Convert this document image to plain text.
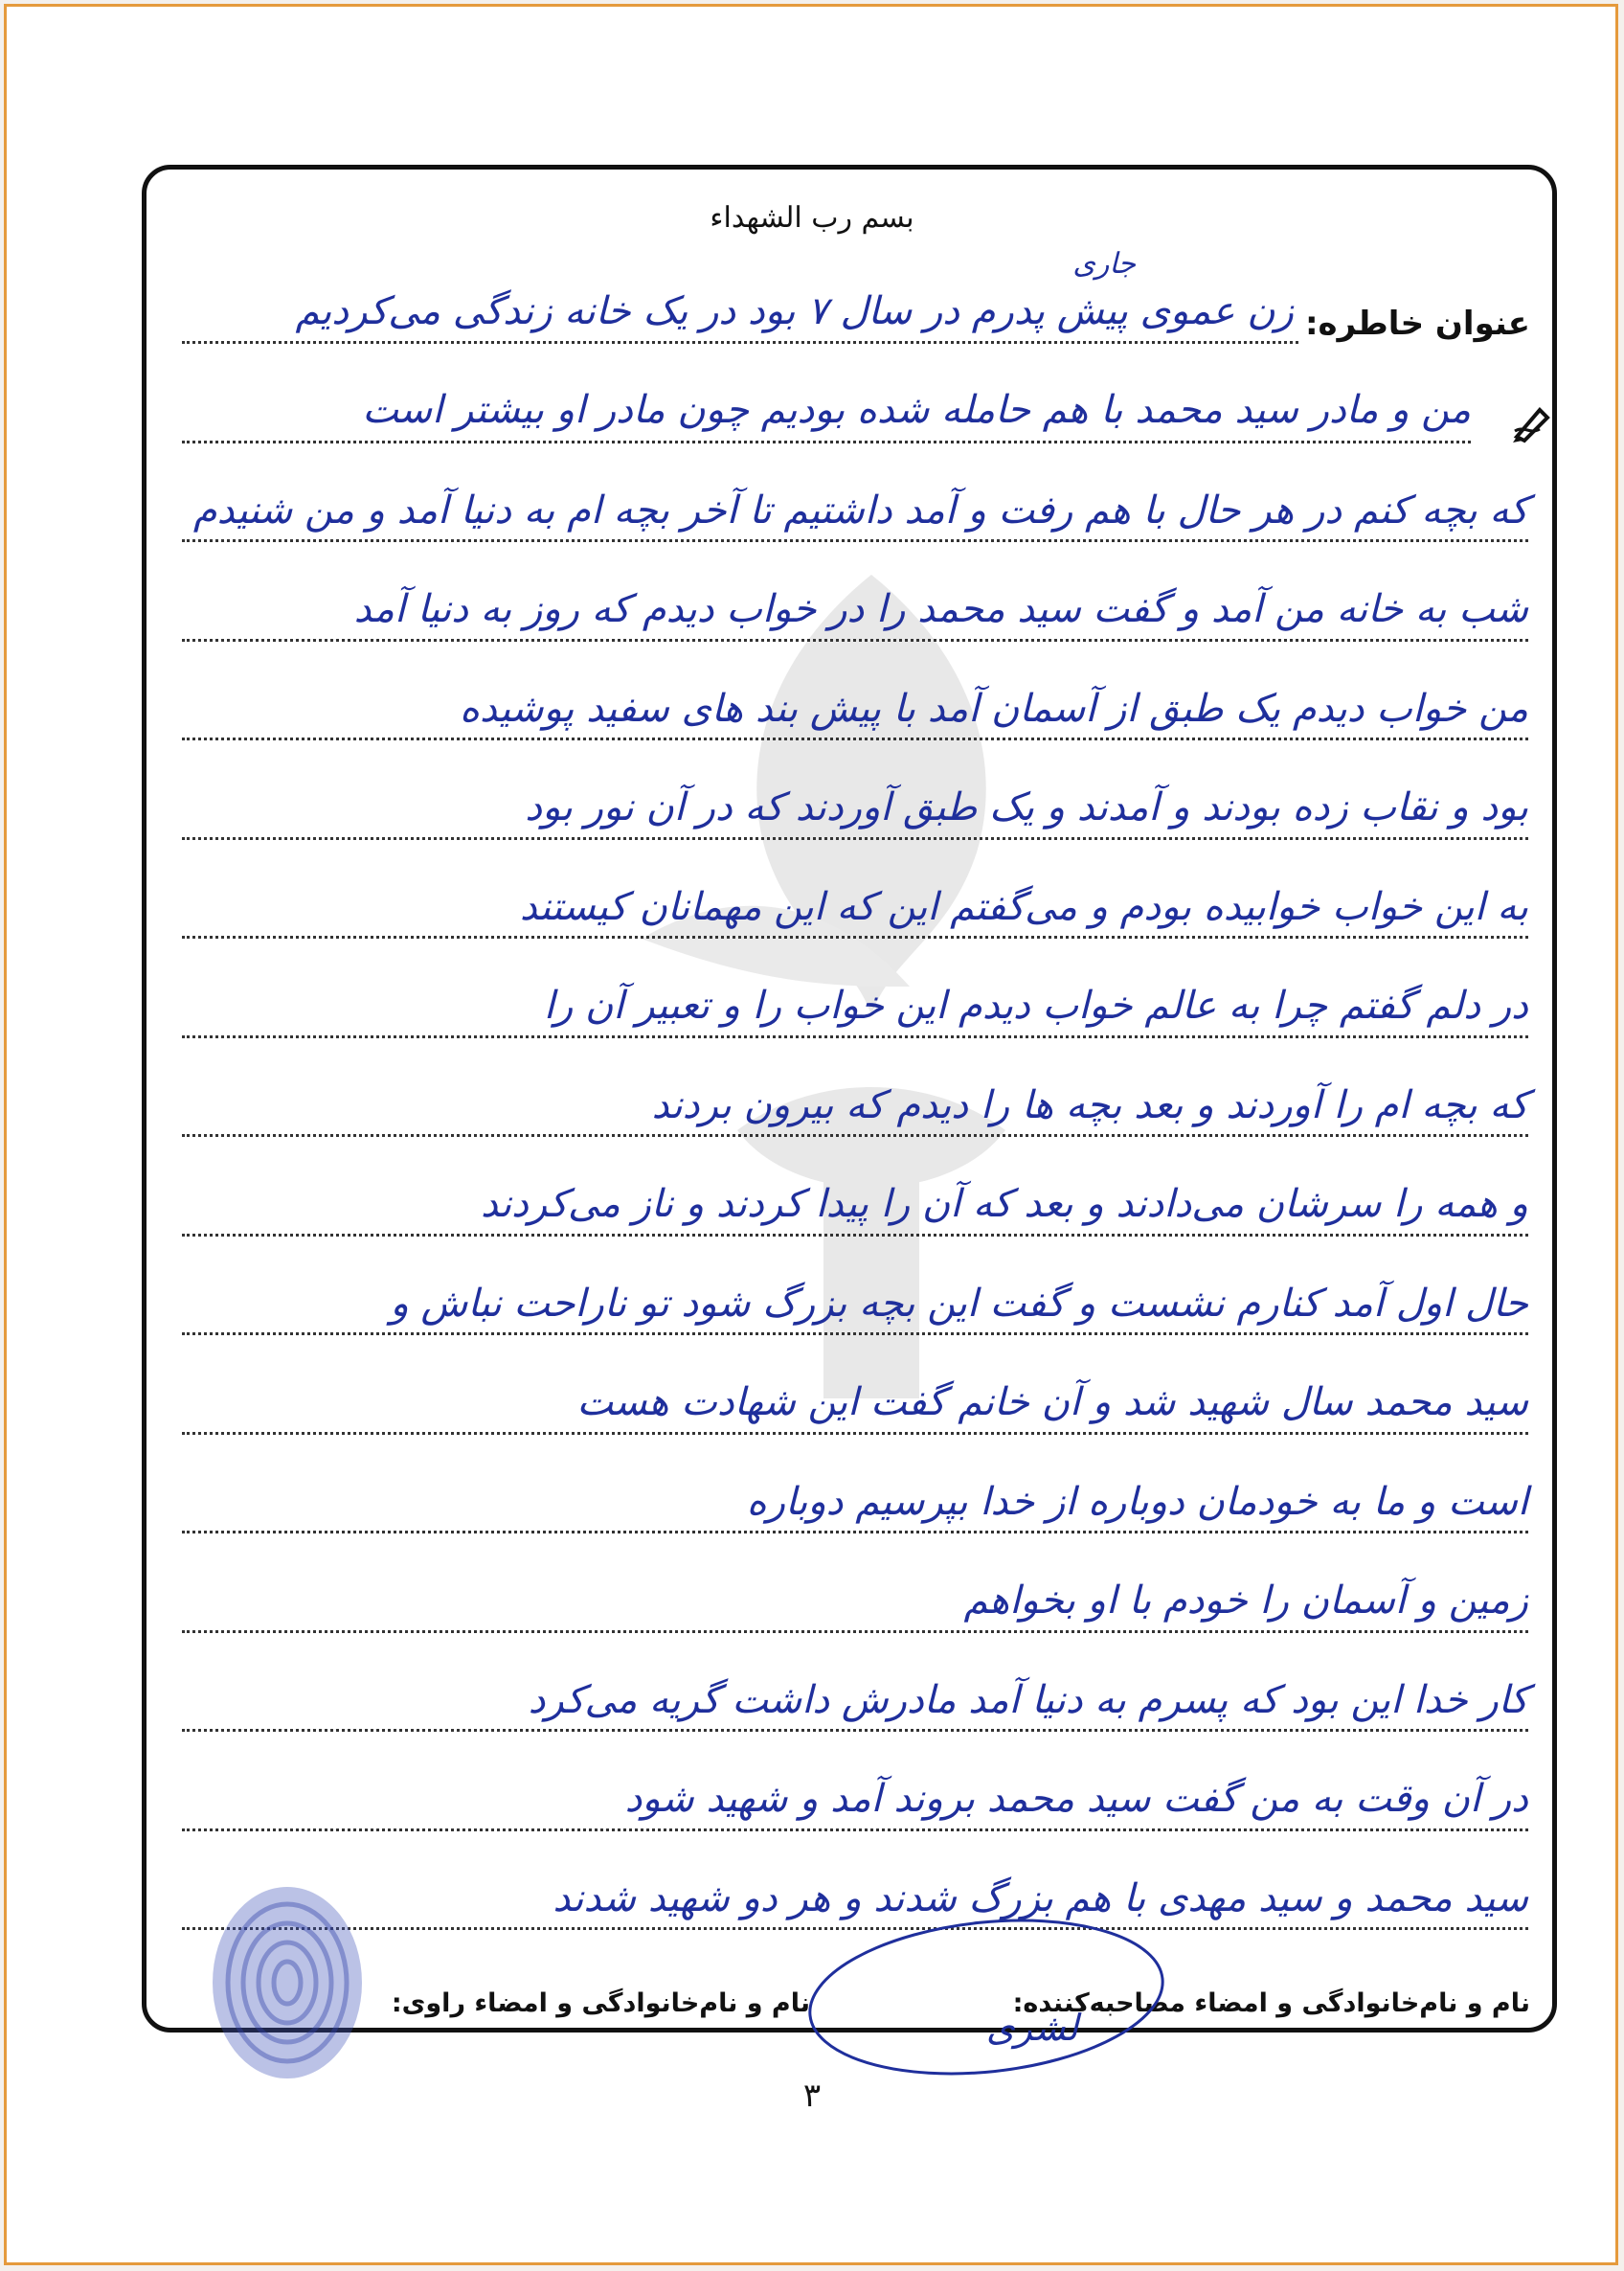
بسم رب الشهداء
عنوان خاطره:
جاری
زن عموی پیش پدرم در سال ۷ بود در یک خانه زندگی می‌کردیم
من و مادر سید محمد با هم حامله شده بودیم چون مادر او بیشتر است
که بچه کنم در هر حال با هم رفت و آمد داشتیم تا آخر بچه ام به دنیا آمد و من شنیدم
شب به خانه من آمد و گفت سید محمد را در خواب دیدم که روز به دنیا آمد
من خواب دیدم یک طبق از آسمان آمد با پیش بند های سفید پوشیده
بود و نقاب زده بودند و آمدند و یک طبق آوردند که در آن نور بود
به این خواب خوابیده بودم و می‌گفتم این که این مهمانان کیستند
در دلم گفتم چرا به عالم خواب دیدم این خواب را و تعبیر آن را
که بچه ام را آوردند و بعد بچه ها را دیدم که بیرون بردند
و همه را سرشان می‌دادند و بعد که آن را پیدا کردند و ناز می‌کردند
حال اول آمد کنارم نشست و گفت این بچه بزرگ شود تو ناراحت نباش و
سید محمد سال شهید شد و آن خانم گفت این شهادت هست
است و ما به خودمان دوباره از خدا بپرسیم دوباره
زمین و آسمان را خودم با او بخواهم
کار خدا این بود که پسرم به دنیا آمد مادرش داشت گریه می‌کرد
در آن وقت به من گفت سید محمد بروند آمد و شهید شود
سید محمد و سید مهدی با هم بزرگ شدند و هر دو شهید شدند
نام و نام‌خانوادگی و امضاء مصاحبه‌کننده:
نام و نام‌خانوادگی و امضاء راوی:
لشری
۳
